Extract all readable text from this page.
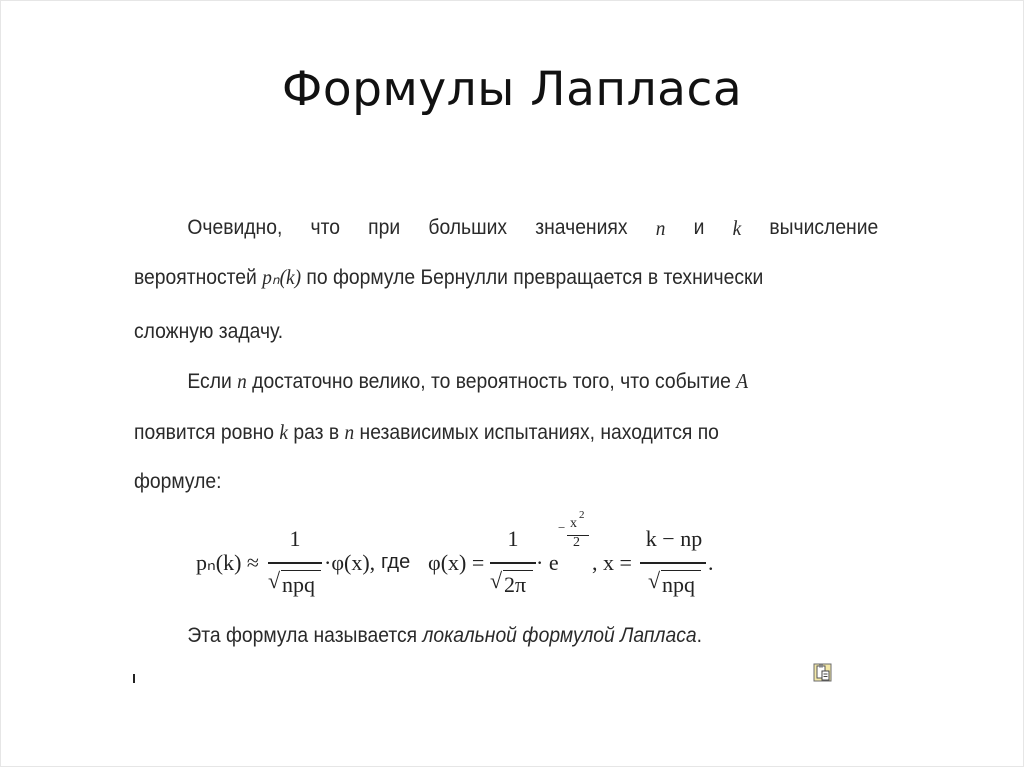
Формулы Лапласа
Очевидно, что при больших значениях n и k вычисление
вероятностей pₙ(k) по формуле Бернулли превращается в технически
сложную задачу.
Если n достаточно велико, то вероятность того, что событие A
появится ровно k раз в n независимых испытаниях, находится по
формуле:
Эта формула называется локальной формулой Лапласа.
pₙ(k) ≈
1
√ npq
·φ(x), где φ(x) =
1
√ 2π
· e
− x
2
2
, x =
k − np
√ npq
.
